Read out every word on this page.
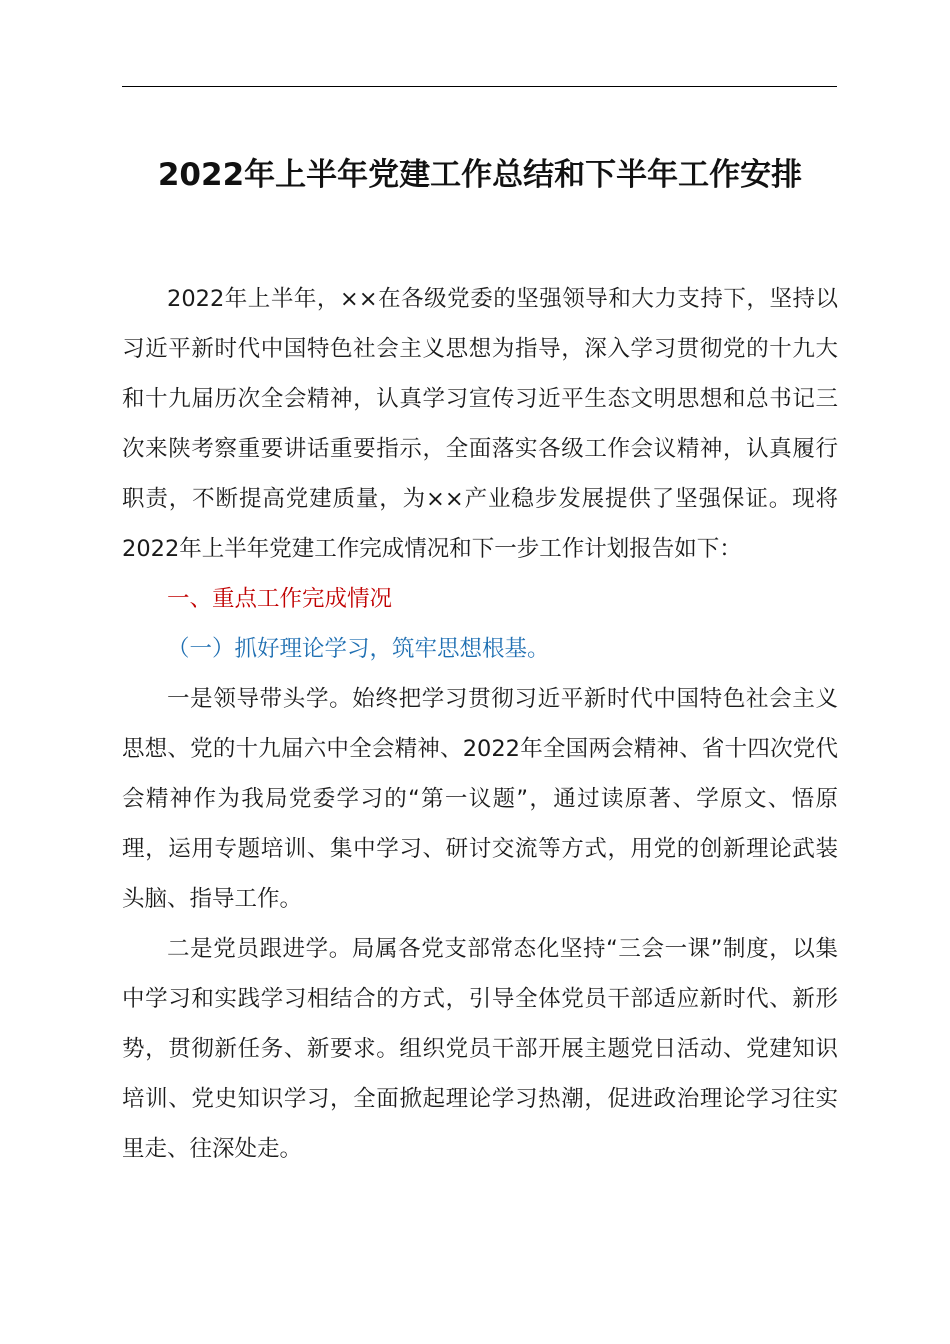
2022年上半年党建工作总结和下半年工作安排

2022年上半年，××在各级党委的坚强领导和大力支持下，坚持以习近平新时代中国特色社会主义思想为指导，深入学习贯彻党的十九大和十九届历次全会精神，认真学习宣传习近平生态文明思想和总书记三次来陕考察重要讲话重要指示，全面落实各级工作会议精神，认真履行职责，不断提高党建质量，为××产业稳步发展提供了坚强保证。现将2022年上半年党建工作完成情况和下一步工作计划报告如下：

一、重点工作完成情况

（一）抓好理论学习，筑牢思想根基。

一是领导带头学。始终把学习贯彻习近平新时代中国特色社会主义思想、党的十九届六中全会精神、2022年全国两会精神、省十四次党代会精神作为我局党委学习的“第一议题”，通过读原著、学原文、悟原理，运用专题培训、集中学习、研讨交流等方式，用党的创新理论武装头脑、指导工作。

二是党员跟进学。局属各党支部常态化坚持“三会一课”制度，以集中学习和实践学习相结合的方式，引导全体党员干部适应新时代、新形势，贯彻新任务、新要求。组织党员干部开展主题党日活动、党建知识培训、党史知识学习，全面掀起理论学习热潮，促进政治理论学习往实里走、往深处走。
